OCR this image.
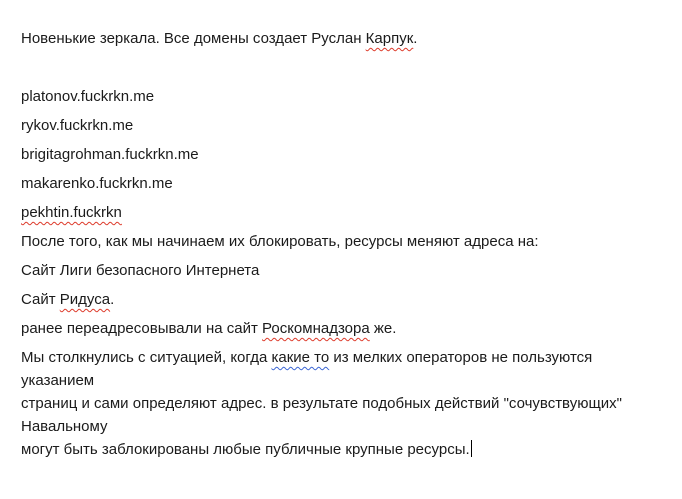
Новенькие зеркала. Все домены создает Руслан Карпук.
platonov.fuckrkn.me
rykov.fuckrkn.me
brigitagrohman.fuckrkn.me
makarenko.fuckrkn.me
pekhtin.fuckrkn
После того, как мы начинаем их блокировать, ресурсы меняют адреса на:
Сайт Лиги безопасного Интернета
Сайт Ридуса.
ранее переадресовывали на сайт Роскомнадзора же.
Мы столкнулись с ситуацией, когда какие то из мелких операторов не пользуются указанием
страниц и сами определяют адрес. в результате подобных действий "сочувствующих" Навальному
могут быть заблокированы любые публичные крупные ресурсы.
